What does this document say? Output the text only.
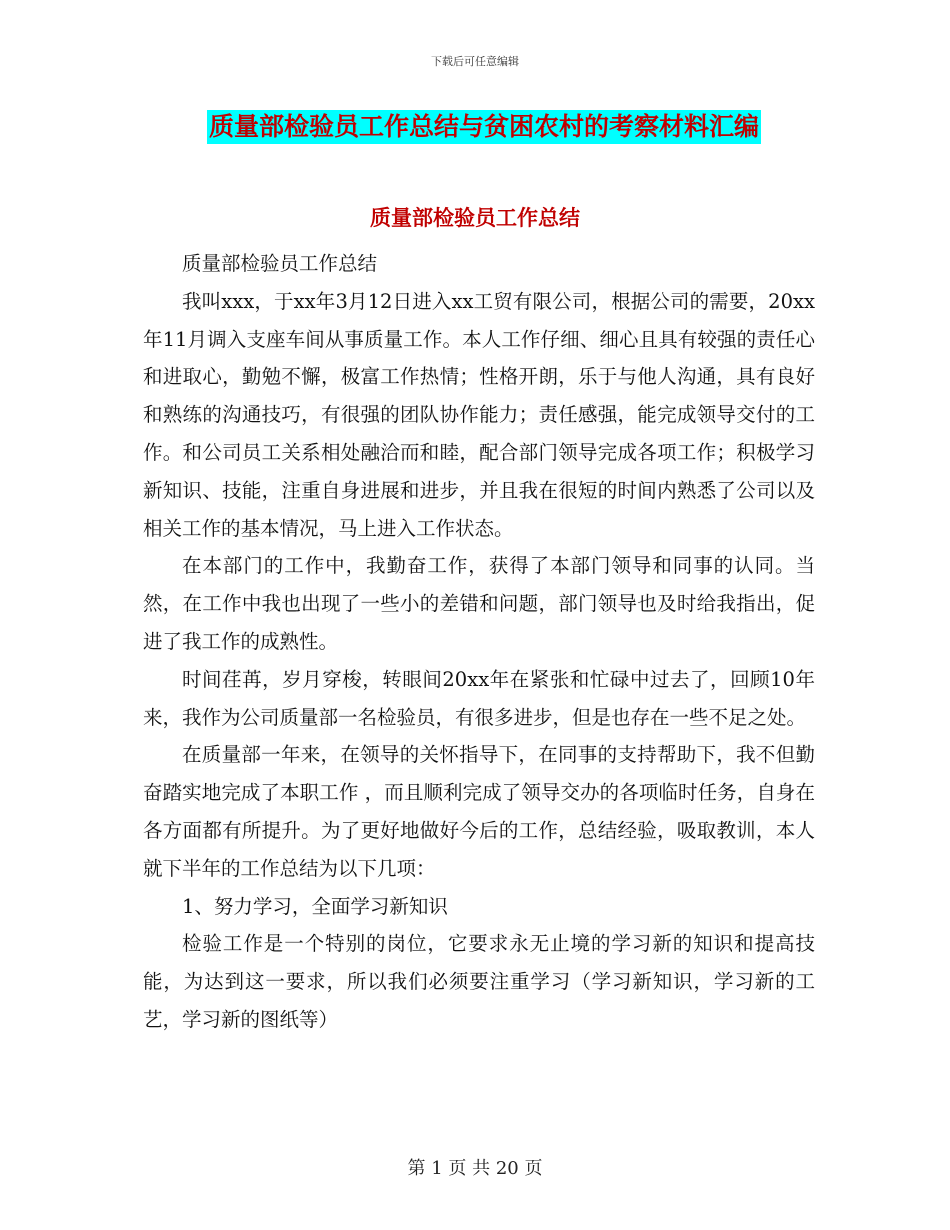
下载后可任意编辑
质量部检验员工作总结与贫困农村的考察材料汇编
质量部检验员工作总结

质量部检验员工作总结

我叫xxx，于xx年3月12日进入xx工贸有限公司，根据公司的需要，20xx年11月调入支座车间从事质量工作。本人工作仔细、细心且具有较强的责任心和进取心，勤勉不懈，极富工作热情；性格开朗，乐于与他人沟通，具有良好和熟练的沟通技巧，有很强的团队协作能力；责任感强，能完成领导交付的工作。和公司员工关系相处融洽而和睦，配合部门领导完成各项工作；积极学习新知识、技能，注重自身进展和进步，并且我在很短的时间内熟悉了公司以及相关工作的基本情况，马上进入工作状态。

在本部门的工作中，我勤奋工作，获得了本部门领导和同事的认同。当然，在工作中我也出现了一些小的差错和问题，部门领导也及时给我指出，促进了我工作的成熟性。

时间荏苒，岁月穿梭，转眼间20xx年在紧张和忙碌中过去了，回顾10年来，我作为公司质量部一名检验员，有很多进步，但是也存在一些不足之处。

在质量部一年来，在领导的关怀指导下，在同事的支持帮助下，我不但勤奋踏实地完成了本职工作 ，而且顺利完成了领导交办的各项临时任务，自身在各方面都有所提升。为了更好地做好今后的工作，总结经验，吸取教训，本人就下半年的工作总结为以下几项：

1、努力学习，全面学习新知识

检验工作是一个特别的岗位，它要求永无止境的学习新的知识和提高技能，为达到这一要求，所以我们必须要注重学习（学习新知识，学习新的工艺，学习新的图纸等）

第 1 页 共 20 页
